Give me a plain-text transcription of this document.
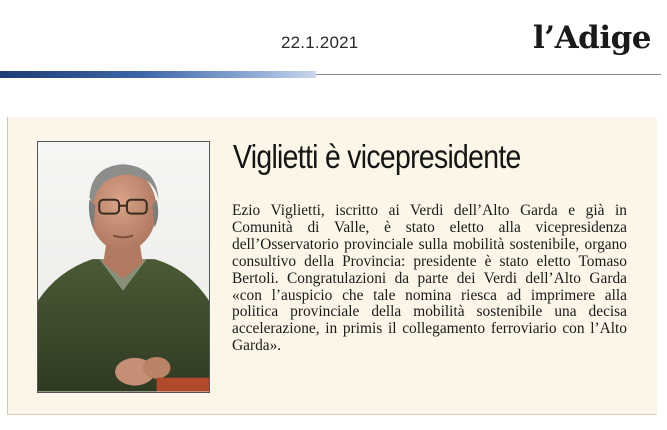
22.1.2021	l’Adige
Viglietti è vicepresidente

Ezio Viglietti, iscritto ai Verdi dell’Alto Garda e già in Comunità di Valle, è stato eletto alla vicepresidenza dell’Osservatorio provinciale sulla mobilità sostenibile, organo consultivo della Provincia: presidente è stato eletto Tomaso Bertoli. Congratulazioni da parte dei Verdi dell’Alto Garda «con l’auspicio che tale nomina riesca ad imprimere alla politica provinciale della mobilità sostenibile una decisa accelerazione, in primis il collegamento ferroviario con l’Alto Garda».
